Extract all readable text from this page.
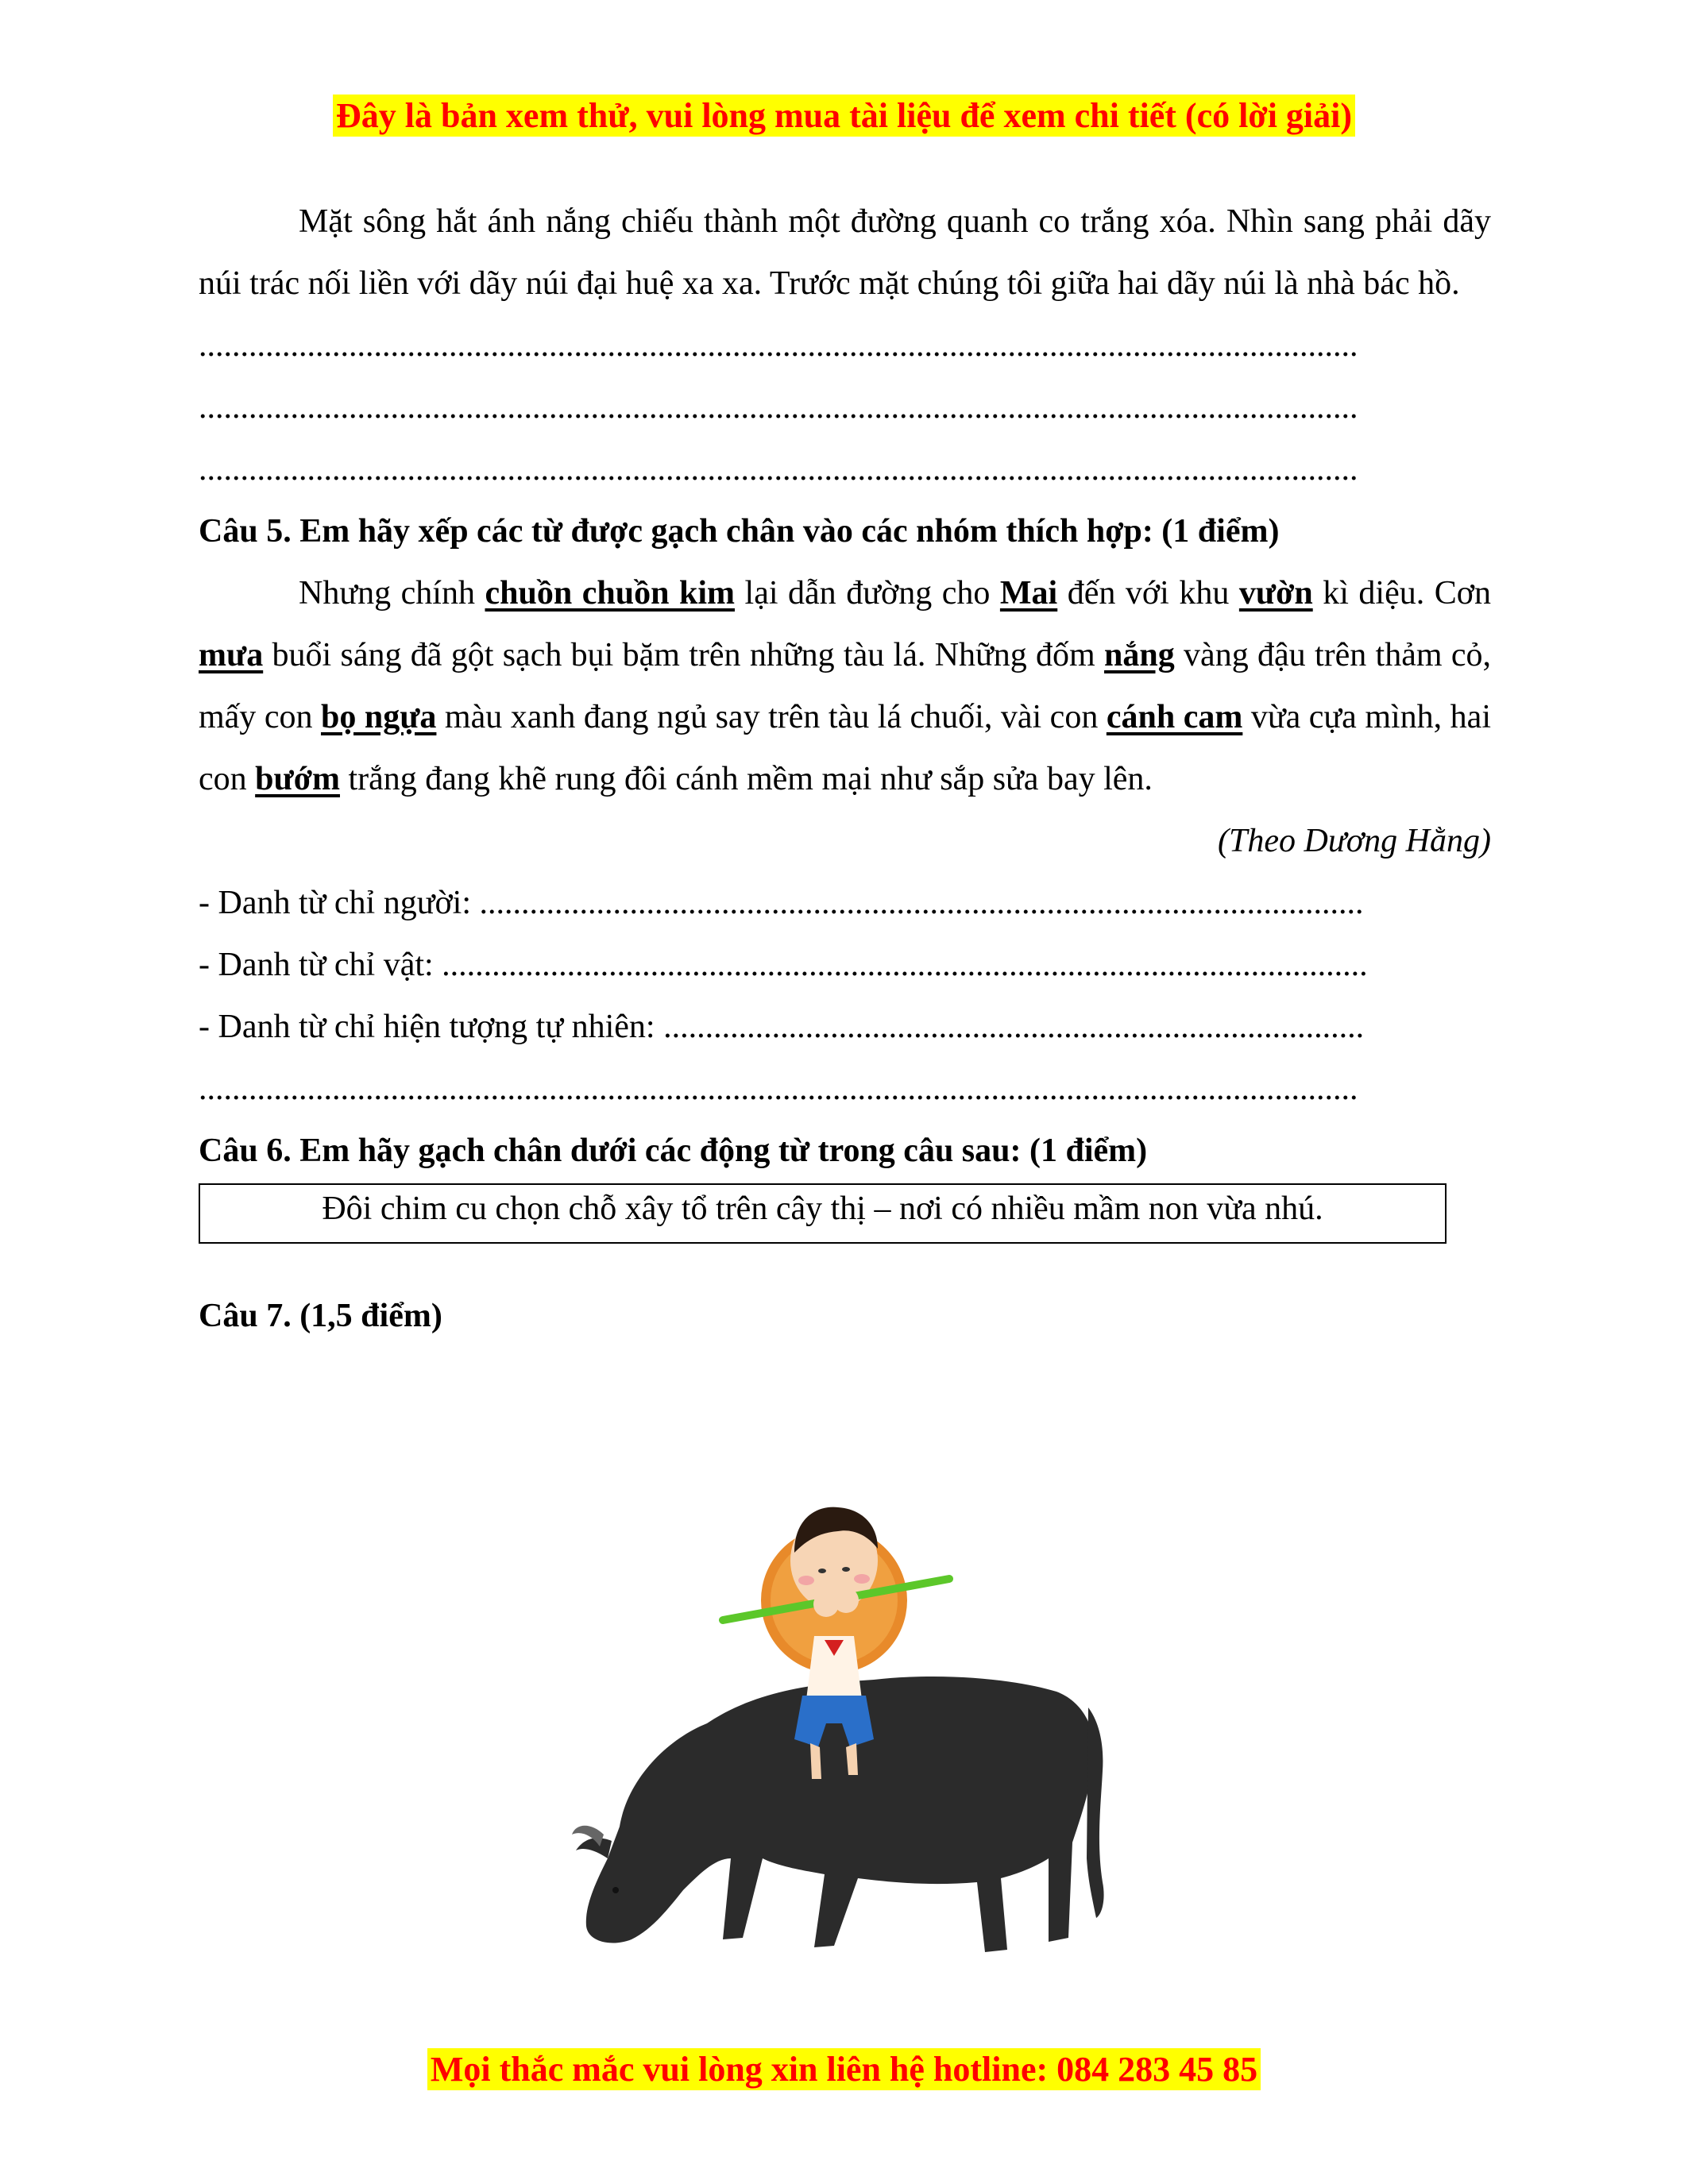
Đây là bản xem thử, vui lòng mua tài liệu để xem chi tiết (có lời giải)

Mặt sông hắt ánh nắng chiếu thành một đường quanh co trắng xóa. Nhìn sang phải dãy núi trác nối liền với dãy núi đại huệ xa xa. Trước mặt chúng tôi giữa hai dãy núi là nhà bác hồ.

...........................................................................................................................................
...........................................................................................................................................
...........................................................................................................................................

Câu 5. Em hãy xếp các từ được gạch chân vào các nhóm thích hợp: (1 điểm)

Nhưng chính chuồn chuồn kim lại dẫn đường cho Mai đến với khu vườn kì diệu. Cơn mưa buổi sáng đã gột sạch bụi bặm trên những tàu lá. Những đốm nắng vàng đậu trên thảm cỏ, mấy con bọ ngựa màu xanh đang ngủ say trên tàu lá chuối, vài con cánh cam vừa cựa mình, hai con bướm trắng đang khẽ rung đôi cánh mềm mại như sắp sửa bay lên.

(Theo Dương Hằng)
- Danh từ chỉ người: ..........................................................................................................
- Danh từ chỉ vật: ...............................................................................................................
- Danh từ chỉ hiện tượng tự nhiên: ....................................................................................
...........................................................................................................................................

Câu 6. Em hãy gạch chân dưới các động từ trong câu sau: (1 điểm)

Đôi chim cu chọn chỗ xây tổ trên cây thị – nơi có nhiều mầm non vừa nhú.

Câu 7. (1,5 điểm)

Mọi thắc mắc vui lòng xin liên hệ hotline: 084 283 45 85
